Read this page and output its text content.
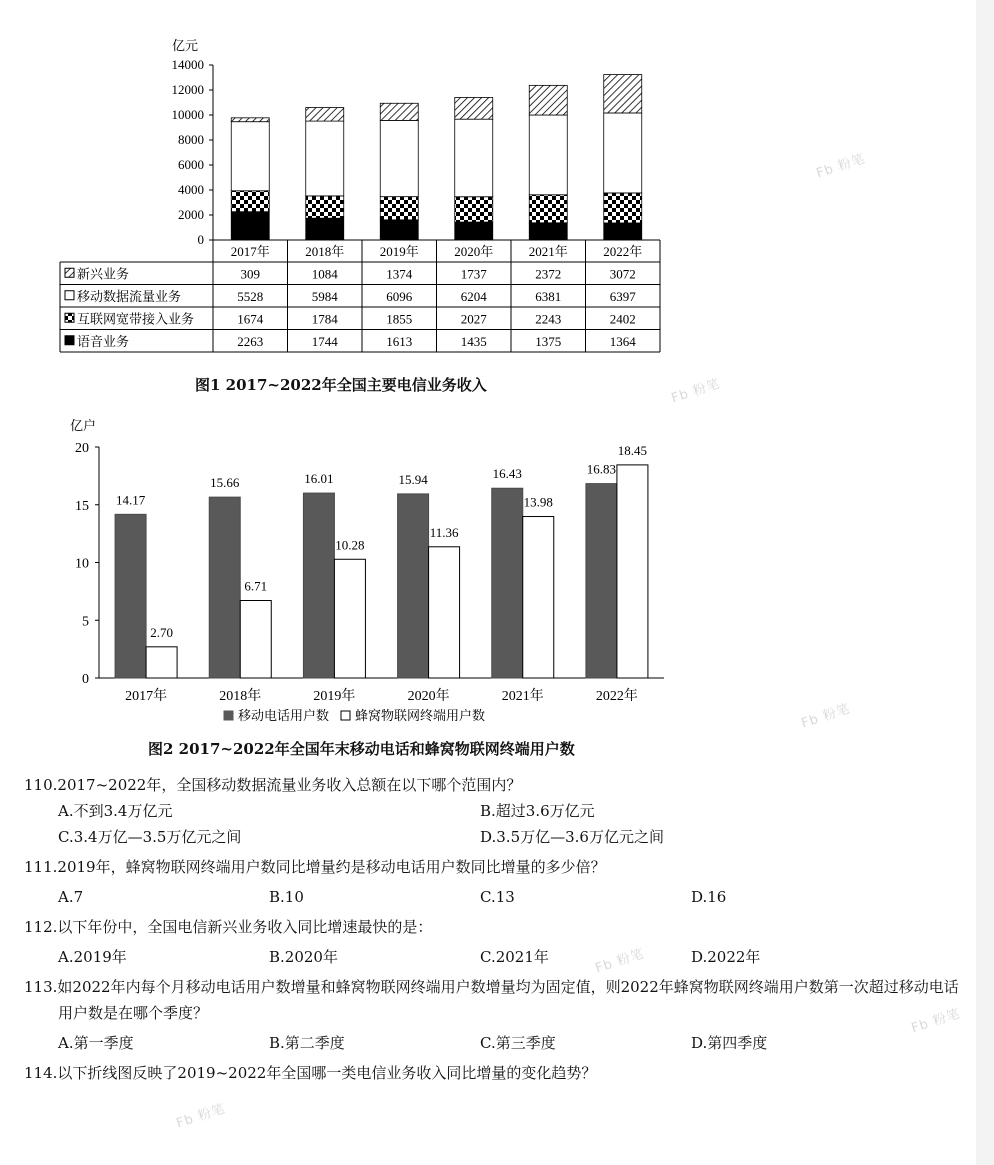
亿元
0
2000
4000
6000
8000
10000
12000
14000
2017年	2018年	2019年	2020年	2021年	2022年
新兴业务	309	1084	1374	1737	2372	3072
移动数据流量业务	5528	5984	6096	6204	6381	6397
互联网宽带接入业务	1674	1784	1855	2027	2243	2402
语音业务	2263	1744	1613	1435	1375	1364
图1 2017~2022年全国主要电信业务收入
亿户
0
5
10
15
20
2017年	2018年	2019年	2020年	2021年	2022年
14.17
2.70
15.66
6.71
16.01
10.28
15.94
11.36
16.43
13.98
16.83
18.45
移动电话用户数 蜂窝物联网终端用户数
图2 2017~2022年全国年末移动电话和蜂窝物联网终端用户数
Fb 粉笔
Fb 粉笔
Fb 粉笔
Fb 粉笔
Fb 粉笔
Fb 粉笔
110.2017~2022年，全国移动数据流量业务收入总额在以下哪个范围内？
A.不到3.4万亿元	B.超过3.6万亿元
C.3.4万亿—3.5万亿元之间	D.3.5万亿—3.6万亿元之间
111.2019年，蜂窝物联网终端用户数同比增量约是移动电话用户数同比增量的多少倍？
A.7	B.10	C.13	D.16
112.以下年份中，全国电信新兴业务收入同比增速最快的是：
A.2019年	B.2020年	C.2021年	D.2022年
113.如2022年内每个月移动电话用户数增量和蜂窝物联网终端用户数增量均为固定值，则2022年蜂窝物联网终端用户数第一次超过移动电话用户数是在哪个季度？
A.第一季度	B.第二季度	C.第三季度	D.第四季度
114.以下折线图反映了2019~2022年全国哪一类电信业务收入同比增量的变化趋势？
